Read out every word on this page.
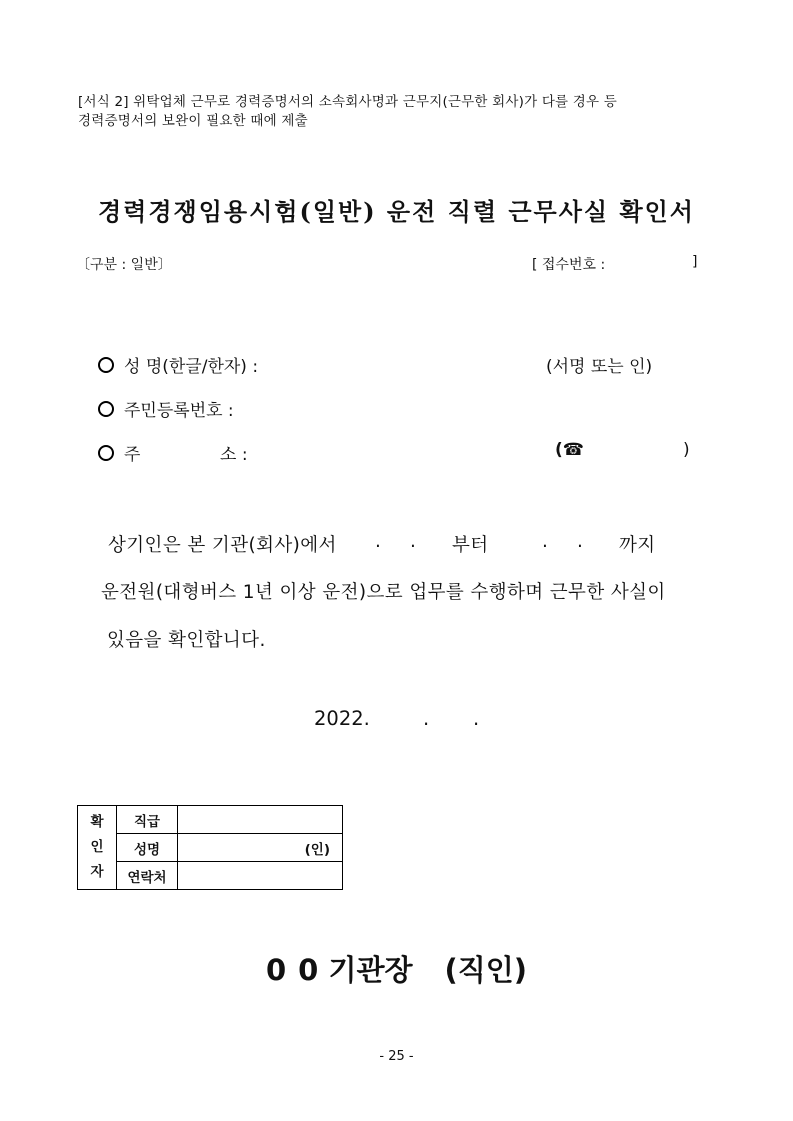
[서식 2] 위탁업체 근무로 경력증명서의 소속회사명과 근무지(근무한 회사)가 다를 경우 등
경력증명서의 보완이 필요한 때에 제출
경력경쟁임용시험(일반) 운전 직렬 근무사실 확인서
〔구분 : 일반〕	[ 접수번호 :	]
성 명(한글/한자) :	(서명 또는 인)
주민등록번호 :
주	소 :	(☎	)
상기인은 본 기관(회사)에서 . . 부터	. . 까지
운전원(대형버스 1년 이상 운전)으로 업무를 수행하며 근무한 사실이
있음을 확인합니다.
2022.	. .
확
인
자	직급	
	성명	(인)
	연락처	
0 0 기관장 (직인)
- 25 -
